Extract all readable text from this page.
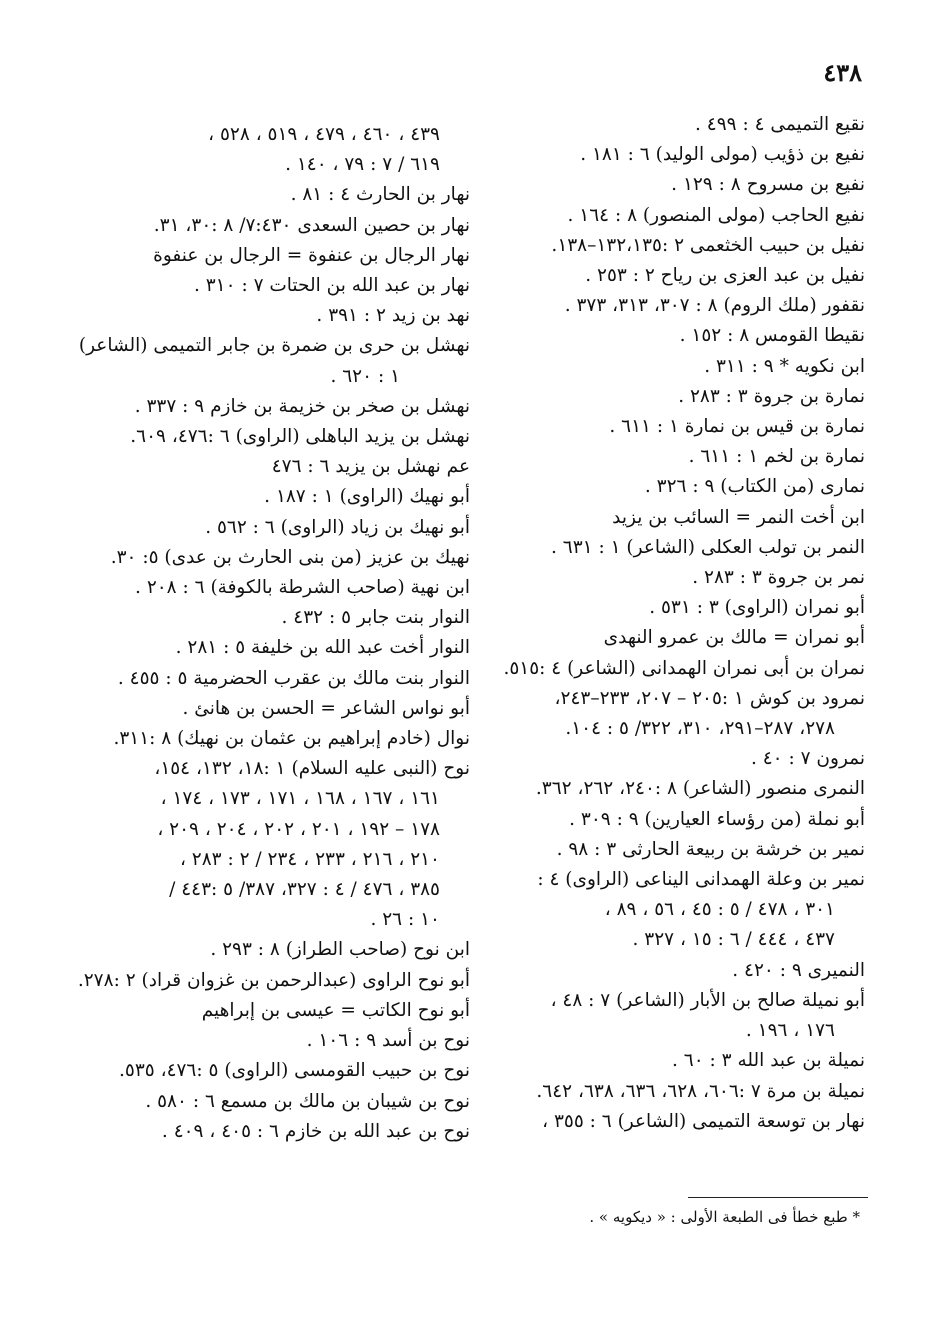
٤٣٨
نقيع التميمى ٤ : ٤٩٩ .
نفيع بن ذؤيب (مولى الوليد) ٦ : ١٨١ .
نفيع بن مسروح ٨ : ١٢٩ .
نفيع الحاجب (مولى المنصور) ٨ : ١٦٤ .
نفيل بن حبيب الخثعمى ٢ :١٣٢،١٣٥–١٣٨.
نفيل بن عبد العزى بن رياح ٢ : ٢٥٣ .
نقفور (ملك الروم) ٨ : ٣٠٧، ٣١٣، ٣٧٣ .
نقيطا القومس ٨ : ١٥٢ .
ابن نكويه * ٩ : ٣١١ .
نمارة بن جروة ٣ : ٢٨٣ .
نمارة بن قيس بن نمارة ١ : ٦١١ .
نمارة بن لخم ١ : ٦١١ .
نمارى (من الكتاب) ٩ : ٣٢٦ .
ابن أخت النمر = السائب بن يزيد
النمر بن تولب العكلى (الشاعر) ١ : ٦٣١ .
نمر بن جروة ٣ : ٢٨٣ .
أبو نمران (الراوى) ٣ : ٥٣١ .
أبو نمران = مالك بن عمرو النهدى
نمران بن أبى نمران الهمدانى (الشاعر) ٤ :٥١٥.
نمرود بن كوش ١ :٢٠٥ – ٢٠٧، ٢٣٣–٢٤٣،
٢٧٨، ٢٨٧–٢٩١، ٣١٠، ٣٢٢/ ٥ : ١٠٤.
نمرون ٧ : ٤٠ .
النمرى منصور (الشاعر) ٨ :٢٤٠، ٢٦٢، ٣٦٢.
أبو نملة (من رؤساء العيارين) ٩ : ٣٠٩ .
نمير بن خرشة بن ربيعة الحارثى ٣ : ٩٨ .
نمير بن وعلة الهمدانى اليناعى (الراوى) ٤ :
٣٠١ ، ٤٧٨ / ٥ : ٤٥ ، ٥٦ ، ٨٩ ،
٤٣٧ ، ٤٤٤ / ٦ : ١٥ ، ٣٢٧ .
النميرى ٩ : ٤٢٠ .
أبو نميلة صالح بن الأبار (الشاعر) ٧ : ٤٨ ،
١٧٦ ، ١٩٦ .
نميلة بن عبد الله ٣ : ٦٠ .
نميلة بن مرة ٧ :٦٠٦، ٦٢٨، ٦٣٦، ٦٣٨، ٦٤٢.
نهار بن توسعة التميمى (الشاعر) ٦ : ٣٥٥ ،
٤٣٩ ، ٤٦٠ ، ٤٧٩ ، ٥١٩ ، ٥٢٨ ،
٦١٩ / ٧ : ٧٩ ، ١٤٠ .
نهار بن الحارث ٤ : ٨١ .
نهار بن حصين السعدى ٧:٤٣٠/ ٨ :٣٠، ٣١.
نهار الرجال بن عنفوة = الرجال بن عنفوة
نهار بن عبد الله بن الحتات ٧ : ٣١٠ .
نهد بن زيد ٢ : ٣٩١ .
نهشل بن حرى بن ضمرة بن جابر التميمى (الشاعر)
١ : ٦٢٠ .
نهشل بن صخر بن خزيمة بن خازم ٩ : ٣٣٧ .
نهشل بن يزيد الباهلى (الراوى) ٦ :٤٧٦، ٦٠٩.
عم نهشل بن يزيد ٦ : ٤٧٦
أبو نهيك (الراوى) ١ : ١٨٧ .
أبو نهيك بن زياد (الراوى) ٦ : ٥٦٢ .
نهيك بن عزيز (من بنى الحارث بن عدى) ٥: ٣٠.
ابن نهية (صاحب الشرطة بالكوفة) ٦ : ٢٠٨ .
النوار بنت جابر ٥ : ٤٣٢ .
النوار أخت عبد الله بن خليفة ٥ : ٢٨١ .
النوار بنت مالك بن عقرب الحضرمية ٥ : ٤٥٥ .
أبو نواس الشاعر = الحسن بن هانئ .
نوال (خادم إبراهيم بن عثمان بن نهيك) ٨ :٣١١.
نوح (النبى عليه السلام) ١ :١٨، ١٣٢، ١٥٤،
١٦١ ، ١٦٧ ، ١٦٨ ، ١٧١ ، ١٧٣ ، ١٧٤ ،
١٧٨ – ١٩٢ ، ٢٠١ ، ٢٠٢ ، ٢٠٤ ، ٢٠٩ ،
٢١٠ ، ٢١٦ ، ٢٣٣ ، ٢٣٤ / ٢ : ٢٨٣ ،
٣٨٥ ، ٤٧٦ / ٤ : ٣٢٧، ٣٨٧/ ٥ :٤٤٣ /
١٠ : ٢٦ .
ابن نوح (صاحب الطراز) ٨ : ٢٩٣ .
أبو نوح الراوى (عبدالرحمن بن غزوان قراد) ٢ :٢٧٨.
أبو نوح الكاتب = عيسى بن إبراهيم
نوح بن أسد ٩ : ١٠٦ .
نوح بن حبيب القومسى (الراوى) ٥ :٤٧٦، ٥٣٥.
نوح بن شيبان بن مالك بن مسمع ٦ : ٥٨٠ .
نوح بن عبد الله بن خازم ٦ : ٤٠٥ ، ٤٠٩ .
* طبع خطأ فى الطبعة الأولى : « ديكويه » .
